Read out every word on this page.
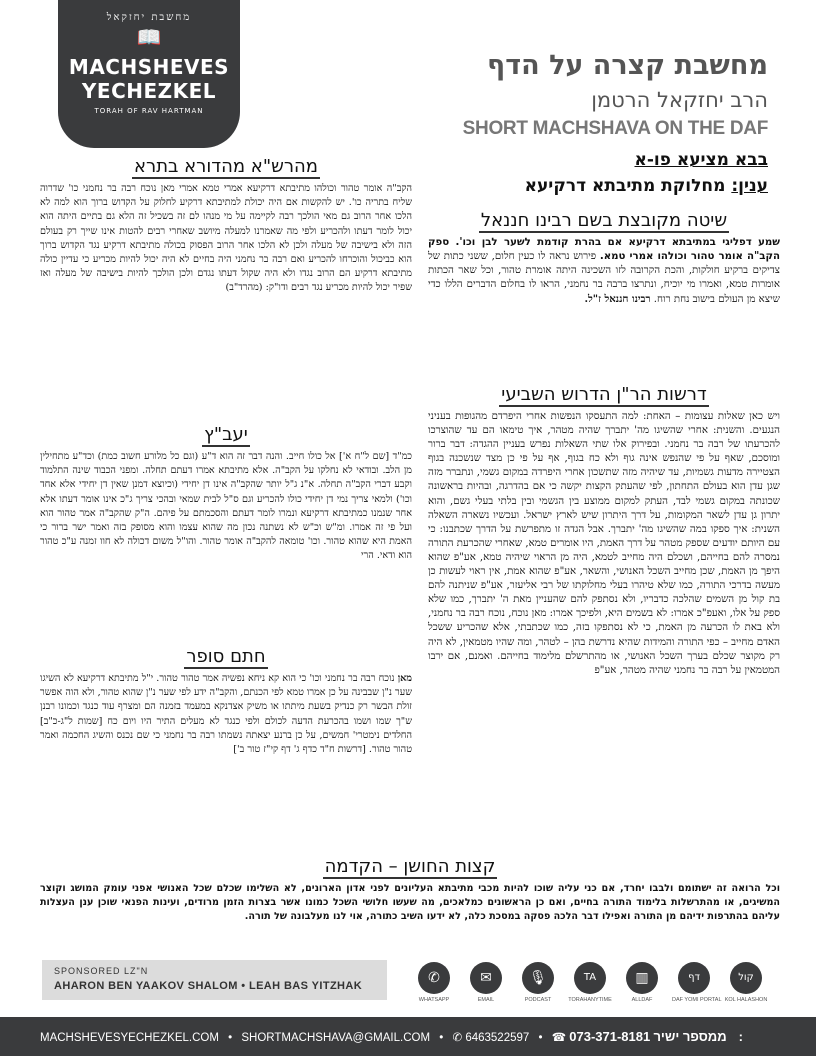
מחשבת יחזקאל
📖
MACHSHEVES
YECHEZKEL
TORAH OF RAV HARTMAN
מחשבת קצרה על הדף
הרב יחזקאל הרטמן
SHORT MACHSHAVA ON THE DAF
בבא מציעא פו-א
ענין: מחלוקת מתיבתא דרקיעא
מהרש"א מהדורא בתרא
הקב"ה אומר טהור וכולהו מתיבתא דרקיעא אמרי טמא אמרי מאן נוכח רבה בר נחמני כו' שדרוה שליח בתריה כו'. יש להקשות אם היה יכולת למתיבתא דרקיע לחלוק על הקדוש ברוך הוא למה לא הלכו אחר הרוב גם מאי הולכך רבה לקיימה על מי מנהו לם זה בשכיל זה הלא גם בתיים היתה הוא יכול לומר דעתו ולהכריע ולפי מה שאמרנו למעלה מיושב שאחרי רבים להטות אינו שייך רק בעולם הזה ולא בישיבה של מעלה ולכן לא הלכו אחר הרוב הפסוק בכולה מתיבתא דרקיע נגד הקדוש ברוך הוא כביכול והוכרחו להכריע ואם רבה בר נחמני היה בחיים לא היה יכול להיות מכריע כי עדיין כולה מתיבתא דרקיע הם הרוב נגדו ולא היה שקול דעתו נגדם ולכן הולכך להיות בישיבה של מעלה ואז שפיר יכול להיות מכריע נגד רבים ודו"ק: (מהרד"ב)
יעב"ץ
כמ"ד [שם ל"ח א'] אל כולו חייב. והנה דבר זה הוא ד"ע (וגם כל מלורע חשוב כמת) וכד"ע מתחילין מן הלב. ובודאי לא נחלקו על הקב"ה. אלא מתיבתא אמרו דעתם תחלה. ומפני הכבוד שינה התלמוד וקבע דברי הקב"ה תחלה. א"נ ג"ל יותר שהקב"ה אינו דן יחידי (וכיוצא דמנן שאין דן יחידי אלא אחד וכו') ולמאי צריך נמי דן יחידי כולו להכריע וגם ס"ל לבית שמאי ובהכי צריך ג"כ אינו אומר דעתו אלא אחר שנמנו כמתיבתא דרקיעא ונמרו לומר דעתם והסכמתם על פיהם. ה"ק שהקב"ה אמר טהור הוא ועל פי זה אמרו. ומ"ש וכ"ש לא נשתנה נכון מה שהוא עצמו והוא מסופק בזה ואמר ישר ברור כי האמת היא שהוא טהור. וכו' טומאה להקב"ה אומר טהור. והו"ל משום דכולה לא חוו זמנה ע"כ טהור הוא ודאי. הרי
חתם סופר
מאן נוכח רבה בר נחמני וכו' כי הוא קא ניחא נפשיה אמר טהור טהור. י"ל מתיבתא דרקיעא לא השיגו שער נ"ן שבבינה על כן אמרו טמא לפי הכנתם, והקב"ה ידע לפי שער נ"ן שהוא טהור, ולא הוה אפשר זולת הבשר רק כנדיק בשעת מיתתו או משיק אצדנקא במעמד בזמנה הם ומצרף עוד כנגד וכמונו רבנן ש"ך שמו ושמו בהכרעת הדעה לכולם ולפי כנגד לא מעלים התיר היו ויום כח [שמות ל"ג-כ"ב] החלדים נימטרי' חמשים, על כן ברנע יצאתה נשמתו רבה בר נחמני כי שם נכנס והשיג החכמה ואמר טהור טהור. [דרשות ח"ד כדף ג' דף קי"ז טור ב']
שיטה מקובצת בשם רבינו חננאל
שמע דפליגי במתיבתא דרקיעא אם בהרת קודמת לשער לבן וכו'. ספק הקב"ה אומר טהור וכולהו אמרי טמא. פירוש נראה לו כעין חלום, ששני כתות של צדיקים ברקיע חולקות, והכת הקרובה לזו השכינה היתה אומרת טהור, וכל שאר הכתות אומרות טמא, ואמרו מי יוכיח, ונתרצו ברבה בר נחמני, הראו לו בחלום הדברים הללו כדי שיצא מן העולם בישוב נחת רוח. רבינו חננאל ז"ל.
דרשות הר"ן הדרוש השביעי
ויש כאן שאלות עצומות – האחת: למה התעסקו הנפשות אחרי היפרדם מהגופות בעניני הנגעים. והשנית: אחרי שהשיגו מה' יתברך שהיה מטהר, איך טימאו הם עד שהוצרכו להכרעתו של רבה בר נחמני. ובפירוק אלו שתי השאלות נפרש בעניין ההגדה: דבר ברור ומוסכם, שאף על פי שהנפש אינה גוף ולא כח בגוף, אף על פי כן מצד שנשכנה בגוף הצטיירה מדעות גשמיות, עד שיהיה מזה שתשכון אחרי היפרדה במקום גשמי, ונתברר מזה שגן עדן הוא בעולם התחתון, לפי שהעתק הקצות יקשה כי אם בהדרגה, ובהיות בראשונה שכונתה במקום גשמי לבד, העתק למקום ממוצע בין הגשמי ובין בלתי בעלי גשם, והוא יתרון גן עדן לשאר המקומות, על דרך היתרון שיש לארץ ישראל. ועכשיו נשארה השאלה השנית: איך ספקו במה שהשיגו מה' יתברך. אבל הגדה זו מתפרשת על הדרך שכתבנו: כי עם היותם יודעים שספק מטהר על דרך האמת, היו אומרים טמא, שאחרי שהכרעת התורה נמסרה להם בחייהם, ושכלם היה מחייב לטמא, היה מן הראוי שיהיה טמא, אע"פ שהוא היפך מן האמת, שכן מחייב השכל האנושי, והשאר, אע"פ שהוא אמת, אין ראוי לעשות כן מעשה בדרכי התורה, כמו שלא טיהרו בעלי מחלוקתו של רבי אליעזר, אע"פ שניתנה להם בת קול מן השמים שהלכה כדבריו, ולא נסתפק להם שהעניין מאת ה' יתברך, כמו שלא ספק על אלו, ואעפ"כ אמרו: לא בשמים היא, ולפיכך אמרו: מאן נוכח, נוכח רבה בר נחמני, ולא באת לו הכרעה מן האמת, כי לא נסתפקו בזה, כמו שכתבתי, אלא שהכריע ששכל האדם מחייב – כפי התורה והמידות שהיא נדרשת בהן – לטהר, ומה שהיו מטמאין, לא היה רק מקוצר שכלם בערך השכל האנושי, או מהתרשלם מלימוד בחייהם. ואמנם, אם ירבו המטמאין על רבה בר נחמני שהיה מטהר, אע"פ
קצות החושן – הקדמה
וכל הרואה זה ישתומם ולבבו יחרד, אם כני עליה שוכו להיות מכבי מתיבתא העליונים לפני אדון הארונים, לא השלימו שכלם שכל האנושי אפני עומק המושג וקוצר המשיגים, או מהתרשלות בלימוד התורה בחיים, ואם כן הראשונים כמלאכים, מה שעשו חלושי השכל כמונו אשר בצרות הזמן מרודים, ועינות הפנאי שוכן ענן העצלות עליהם בהתרפות ידיהם מן התורה ואפילו דבר הלכה פסקה במסכת כלה, לא ידעו השיב כתורה, אוי לנו מעלבונה של תורה.
SPONSORED LZ"N
AHARON BEN YAAKOV SHALOM • LEAH BAS YITZHAK	✆
WHATSAPP
✉
EMAIL
🎙
PODCAST
TA
TORAHANYTIME
▥
ALLDAF
דף
DAF YOMI PORTAL
קול
KOL HALASHON
MACHSHEVESYECHEZKEL.COM • SHORTMACHSHAVA@GMAIL.COM • ✆ 6463522597 • ☎ 073-371-8181 ממספר ישיר:
